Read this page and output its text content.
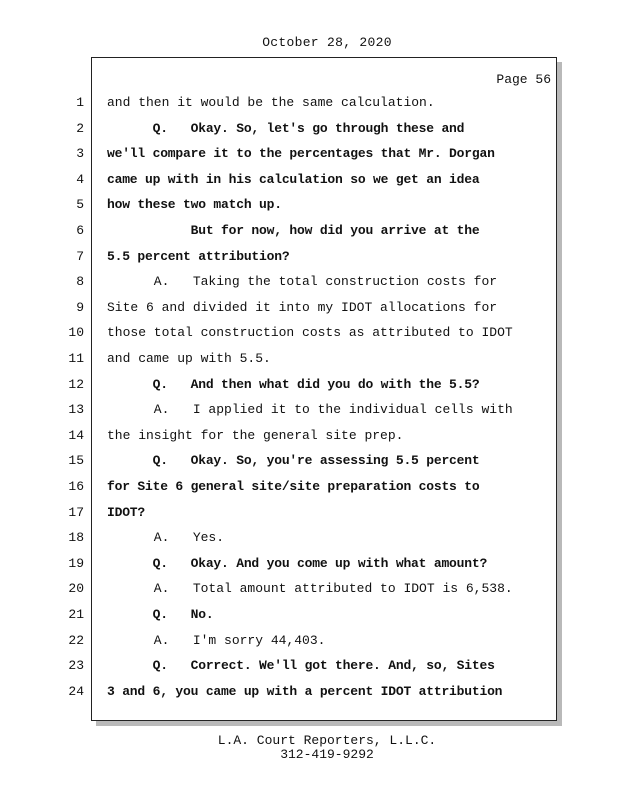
October 28, 2020
Page 56
1 and then it would be the same calculation.
2 Q.   Okay. So, let's go through these and
3 we'll compare it to the percentages that Mr. Dorgan
4 came up with in his calculation so we get an idea
5 how these two match up.
6 But for now, how did you arrive at the
7 5.5 percent attribution?
8 A.   Taking the total construction costs for
9 Site 6 and divided it into my IDOT allocations for
10 those total construction costs as attributed to IDOT
11 and came up with 5.5.
12 Q.   And then what did you do with the 5.5?
13 A.   I applied it to the individual cells with
14 the insight for the general site prep.
15 Q.   Okay. So, you're assessing 5.5 percent
16 for Site 6 general site/site preparation costs to
17 IDOT?
18 A.   Yes.
19 Q.   Okay. And you come up with what amount?
20 A.   Total amount attributed to IDOT is 6,538.
21 Q.   No.
22 A.   I'm sorry 44,403.
23 Q.   Correct. We'll got there. And, so, Sites
24 3 and 6, you came up with a percent IDOT attribution
L.A. Court Reporters, L.L.C.
312-419-9292
